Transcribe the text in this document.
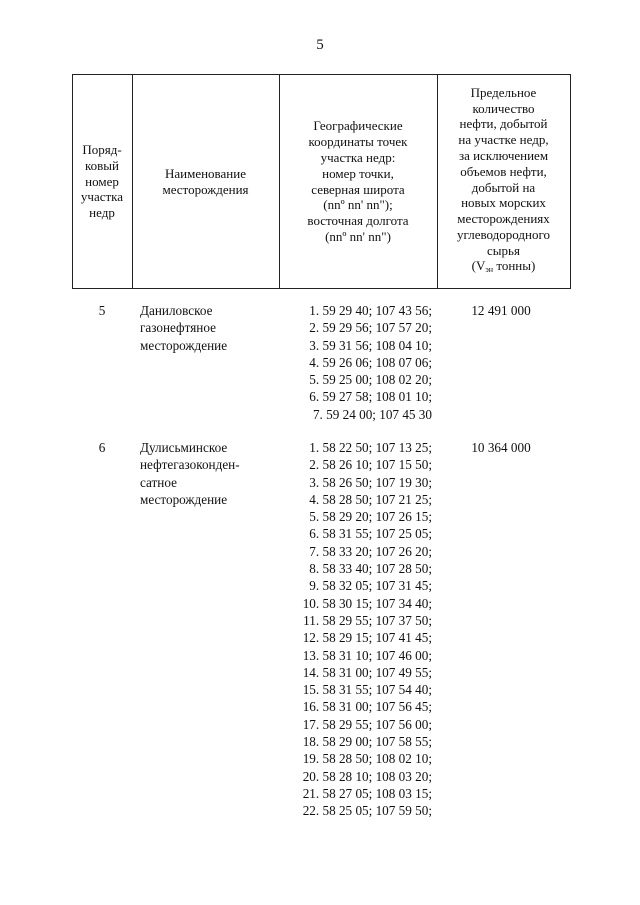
5
Поряд-
ковый
номер
участка
недр
Наименование
месторождения
Географические
координаты точек
участка недр:
номер точки,
северная широта
(nnº nn' nn");
восточная долгота
(nnº nn' nn")
Предельное
количество
нефти, добытой
на участке недр,
за исключением
объемов нефти,
добытой на
новых морских
месторождениях
углеводородного
сырья
($V_{эн}$ тонны)
5	Даниловское
газонефтяное
месторождение
1. 59 29 40; 107 43 56;
2. 59 29 56; 107 57 20;
3. 59 31 56; 108 04 10;
4. 59 26 06; 108 07 06;
5. 59 25 00; 108 02 20;
6. 59 27 58; 108 01 10;
7. 59 24 00; 107 45 30
12 491 000
6	Дулисьминское
нефтегазоконден-
сатное
месторождение
1. 58 22 50; 107 13 25;
2. 58 26 10; 107 15 50;
3. 58 26 50; 107 19 30;
4. 58 28 50; 107 21 25;
5. 58 29 20; 107 26 15;
6. 58 31 55; 107 25 05;
7. 58 33 20; 107 26 20;
8. 58 33 40; 107 28 50;
9. 58 32 05; 107 31 45;
10. 58 30 15; 107 34 40;
11. 58 29 55; 107 37 50;
12. 58 29 15; 107 41 45;
13. 58 31 10; 107 46 00;
14. 58 31 00; 107 49 55;
15. 58 31 55; 107 54 40;
16. 58 31 00; 107 56 45;
17. 58 29 55; 107 56 00;
18. 58 29 00; 107 58 55;
19. 58 28 50; 108 02 10;
20. 58 28 10; 108 03 20;
21. 58 27 05; 108 03 15;
22. 58 25 05; 107 59 50;
10 364 000
